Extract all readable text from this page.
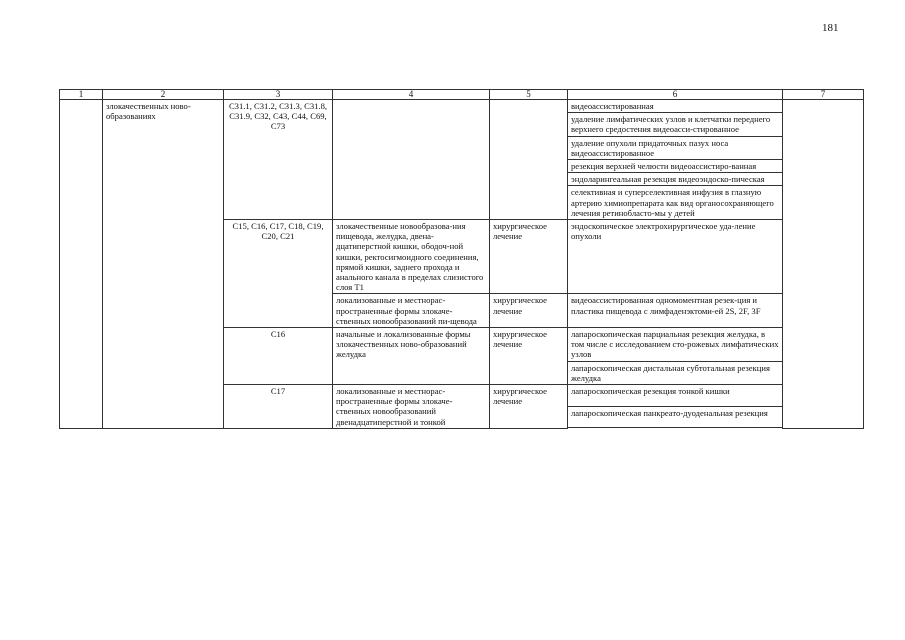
181
1	2	3	4	5	6	7
	злокачественных ново-образованиях	C31.1, C31.2, C31.3, C31.8, C31.9, C32, C43, C44, C69, C73			видеоассистированная	
					удаление лимфатических узлов и клетчатки переднего верхнего средостения видеоасси-стированное	
					удаление опухоли придаточных пазух носа видеоассистированное	
					резекция верхней челюсти видеоассистиро-ванная	
					эндоларингеальная резекция видеоэндоско-пическая	
					селективная и суперселективная инфузия в глазную артерию химиопрепарата как вид органосохраняющего лечения ретинобласто-мы у детей	
		C15, C16, C17, C18, C19, C20, C21	злокачественные новообразова-ния пищевода, желудка, двена-дцатиперстной кишки, ободоч-ной кишки, ректосигмоидного соединения, прямой кишки, заднего прохода и анального канала в пределах слизистого слоя T1	хирургическое лечение	эндоскопическое электрохирургическое уда-ление опухоли	
			локализованные и местнорас-пространенные формы злокаче-ственных новообразований пи-щевода	хирургическое лечение	видеоассистированная одномоментная резек-ция и пластика пищевода с лимфаденэктоми-ей 2S, 2F, 3F	
		C16	начальные и локализованные формы злокачественных ново-образований желудка	хирургическое лечение	лапароскопическая парциальная резекция желудка, в том числе с исследованием сто-рожевых лимфатических узлов	
					лапароскопическая дистальная субтотальная резекция желудка	
		C17	локализованные и местнорас-пространенные формы злокаче-ственных новообразований двенадцатиперстной и тонкой	хирургическое лечение	лапароскопическая резекция тонкой кишки	
					лапароскопическая панкреато-дуоденальная резекция	
